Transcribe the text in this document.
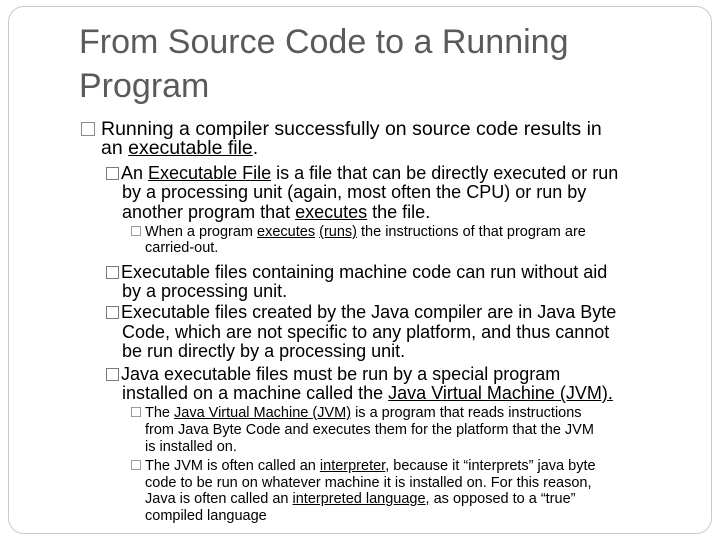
From Source Code to a Running
Program
Running a compiler successfully on source code results in
an executable file.
An Executable File is a file that can be directly executed or run
by a processing unit (again, most often the CPU) or run by
another program that executes the file.
When a program executes (runs) the instructions of that program are
carried-out.
Executable files containing machine code can run without aid
by a processing unit.
Executable files created by the Java compiler are in Java Byte
Code, which are not specific to any platform, and thus cannot
be run directly by a processing unit.
Java executable files must be run by a special program
installed on a machine called the Java Virtual Machine (JVM).
The Java Virtual Machine (JVM) is a program that reads instructions
from Java Byte Code and executes them for the platform that the JVM
is installed on.
The JVM is often called an interpreter, because it “interprets” java byte
code to be run on whatever machine it is installed on. For this reason,
Java is often called an interpreted language, as opposed to a “true”
compiled language
